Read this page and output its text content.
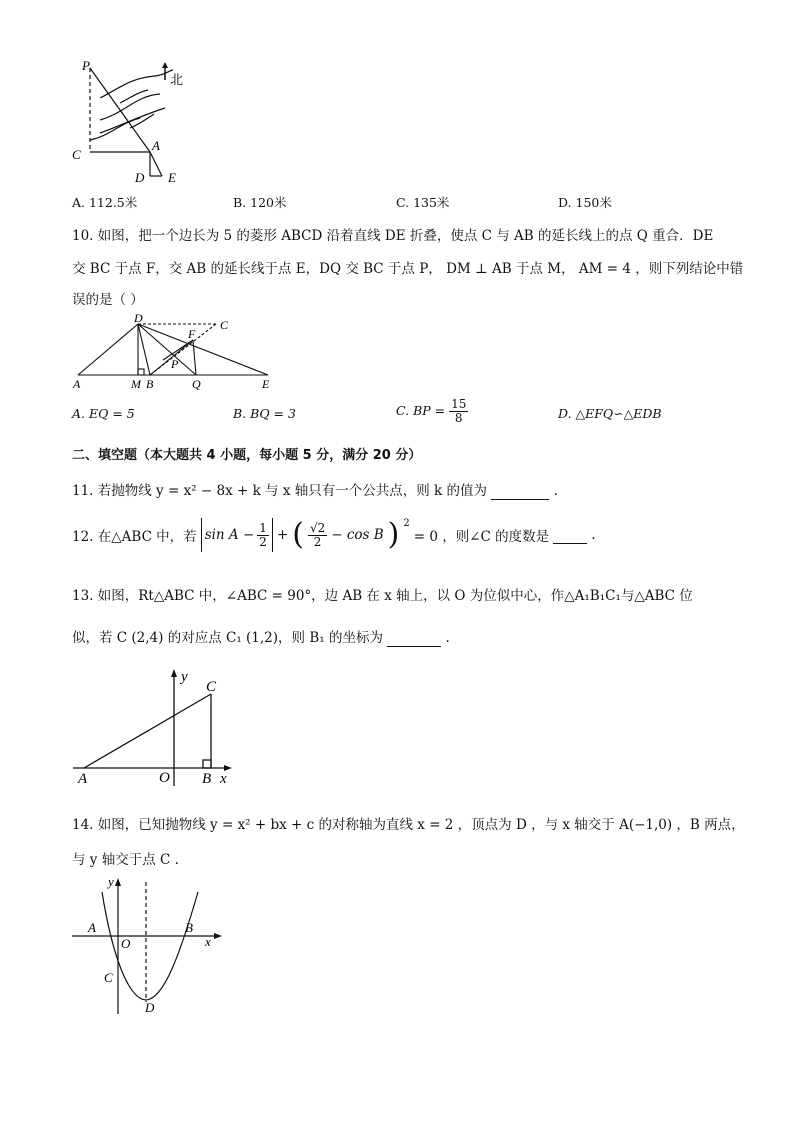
P
C
A
D E
北
A. 112.5米	B. 120米	C. 135米	D. 150米
10. 如图，把一个边长为 5 的菱形 ABCD 沿着直线 DE 折叠，使点 C 与 AB 的延长线上的点 Q 重合．DE
交 BC 于点 F，交 AB 的延长线于点 E，DQ 交 BC 于点 P， DM ⊥ AB 于点 M， AM = 4 ，则下列结论中错
误的是（ ）
D	C
F
P
A	M B	Q	E
A. EQ = 5	B. BQ = 3	C. BP = $\frac{15}{8}$	D. △EFQ∽△EDB
二、填空题（本大题共 4 小题，每小题 5 分，满分 20 分）
11. 若抛物线 y = x² − 8x + k 与 x 轴只有一个公共点，则 k 的值为	.
12. 在△ABC 中，若 $\sin A - \frac{1}{2}$ + ( $\frac{√2}{2} - \cos B$ ) $^2$
= 0 ，则∠C 的度数是
	.
13. 如图，Rt△ABC 中，∠ABC = 90°，边 AB 在 x 轴上，以 O 为位似中心，作△A₁B₁C₁与△ABC 位
似，若 C (2,4) 的对应点 C₁ (1,2)，则 B₁ 的坐标为	.
y
C
A	O B x
14. 如图，已知抛物线 y = x² + bx + c 的对称轴为直线 x = 2 ，顶点为 D ，与 x 轴交于 A(−1,0) ，B 两点，
与 y 轴交于点 C .
y
A
O
B
x
C
D
